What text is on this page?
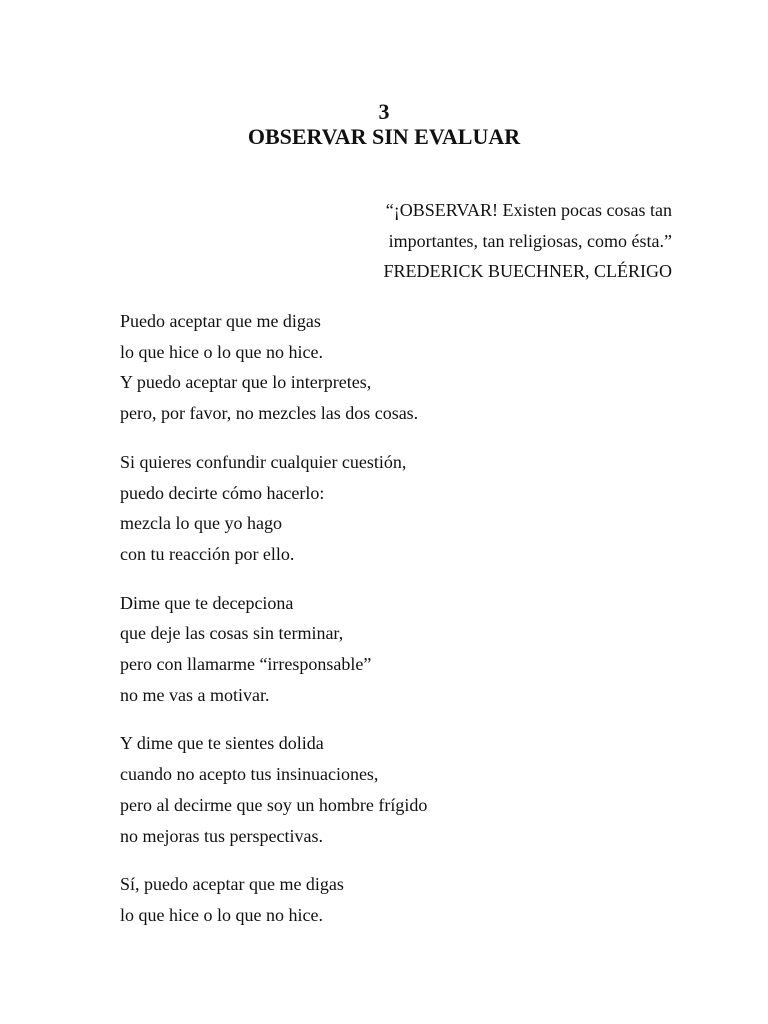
3
OBSERVAR SIN EVALUAR
“¡OBSERVAR! Existen pocas cosas tan
importantes, tan religiosas, como ésta.”
FREDERICK BUECHNER, CLÉRIGO
Puedo aceptar que me digas
lo que hice o lo que no hice.
Y puedo aceptar que lo interpretes,
pero, por favor, no mezcles las dos cosas.
Si quieres confundir cualquier cuestión,
puedo decirte cómo hacerlo:
mezcla lo que yo hago
con tu reacción por ello.
Dime que te decepciona
que deje las cosas sin terminar,
pero con llamarme “irresponsable”
no me vas a motivar.
Y dime que te sientes dolida
cuando no acepto tus insinuaciones,
pero al decirme que soy un hombre frígido
no mejoras tus perspectivas.
Sí, puedo aceptar que me digas
lo que hice o lo que no hice.
